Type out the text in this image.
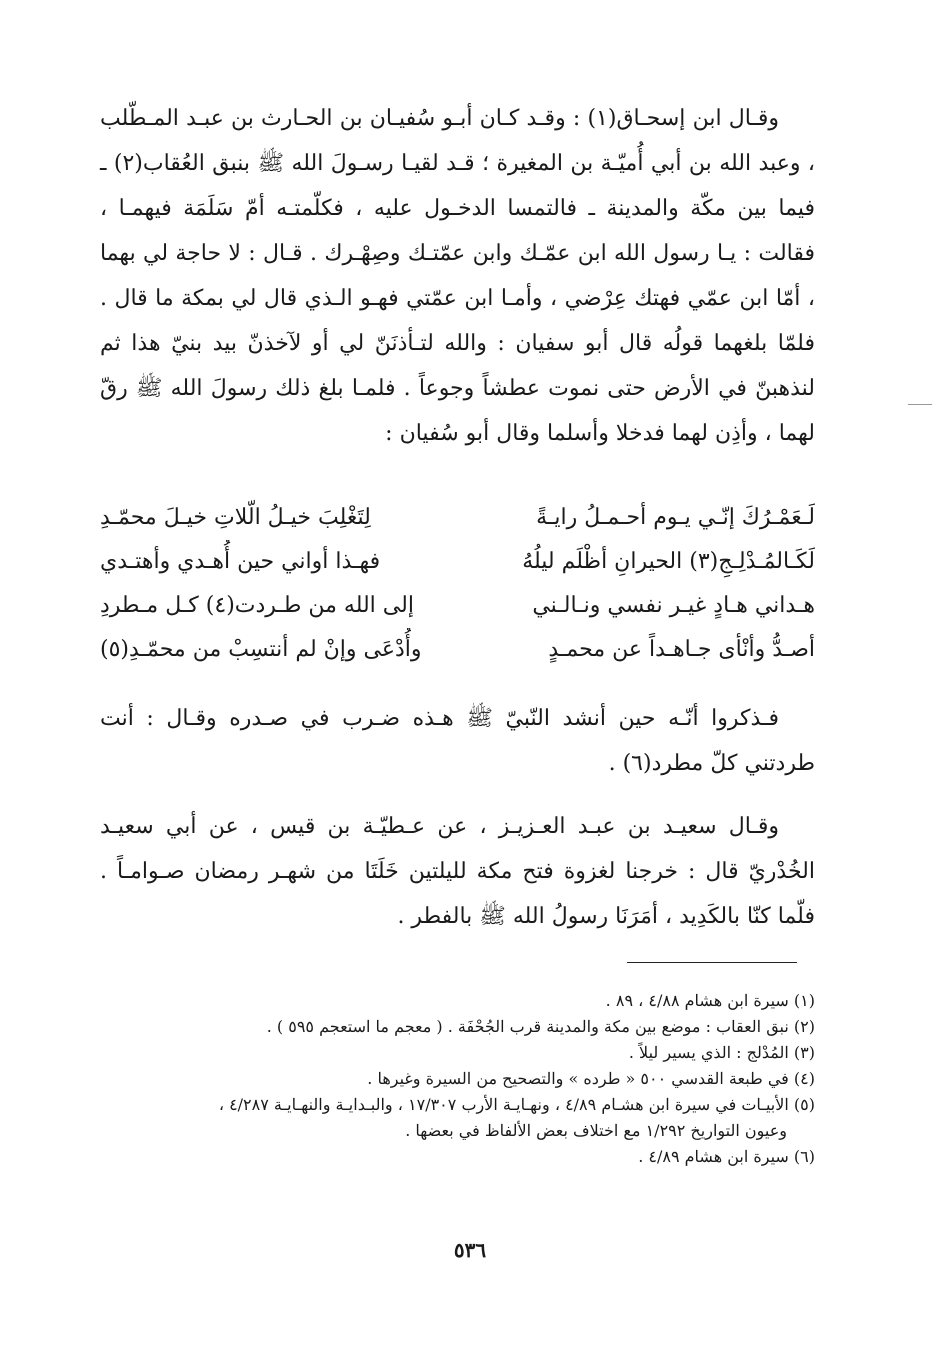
وقـال ابن إسحـاق(١) : وقـد كـان أبـو سُفيـان بن الحـارث بن عبـد المـطّلب ، وعبد الله بن أبي أُميّـة بن المغيرة ؛ قـد لقيـا رسـولَ الله ﷺ بنبق العُقاب(٢) ـ فيما بين مكّة والمدينة ـ فالتمسا الدخـول عليه ، فكلّمتـه أمّ سَلَمَة فيهمـا ، فقالت : يـا رسول الله ابن عمّـك وابن عمّتـك وصِهْـرك . قـال : لا حاجة لي بهما ، أمّا ابن عمّي فهتك عِرْضي ، وأمـا ابن عمّتي فهـو الـذي قال لي بمكة ما قال . فلمّا بلغهما قولُه قال أبو سفيان : والله لتـأذنَنّ لي أو لآخذنّ بيد بنيّ هذا ثم لنذهبنّ في الأرض حتى نموت عطشاً وجوعاً . فلمـا بلغ ذلك رسولَ الله ﷺ رقّ لهما ، وأذِن لهما فدخلا وأسلما وقال أبو سُفيان :

لَـعَمْـرُكَ إنّـي يـوم أحـمـلُ رايـةً
لِتَغْلِبَ خيـلُ الّلاتِ خيـلَ محمّـدِ
لَكَـالمُـدْلِـجِ(٣) الحيرانِ أظْلَم ليلُهُ
فهـذا أواني حين أُهـدي وأهتـدي
هـداني هـادٍ غيـر نفسي ونـالـني
إلى الله من طـردت(٤) كـل مـطردِ
أصـدُّ وأنْأى جـاهـداً عن محمـدٍ
وأُدْعَى وإنْ لم أنتسِبْ من محمّـدِ(٥)

فـذكروا أنّـه حين أنشد النّبيّ ﷺ هـذه ضـرب في صـدره وقـال : أنت طردتني كلّ مطرد(٦) .

وقـال سعيـد بن عبـد العـزيـز ، عن عـطيّـة بن قيس ، عن أبي سعيـد الخُدْريّ قال : خرجنا لغزوة فتح مكة لليلتين خَلَتَا من شهـر رمضان صـوامـاً . فلّما كنّا بالكَدِيد ، أمَرَنَا رسولُ الله ﷺ بالفطر .

(١) سيرة ابن هشام ٤/٨٨ ، ٨٩ .

(٢) نبق العقاب : موضع بين مكة والمدينة قرب الجُحْفَة . ( معجم ما استعجم ٥٩٥ ) .

(٣) المُدْلج : الذي يسير ليلاً .

(٤) في طبعة القدسي ٥٠٠ « طرده » والتصحيح من السيرة وغيرها .

(٥) الأبيـات في سيرة ابن هشـام ٤/٨٩ ، ونهـايـة الأرب ١٧/٣٠٧ ، والبـدايـة والنهـايـة ٤/٢٨٧ ،

وعيون التواريخ ١/٢٩٢ مع اختلاف بعض الألفاظ في بعضها .

(٦) سيرة ابن هشام ٤/٨٩ .

٥٣٦
